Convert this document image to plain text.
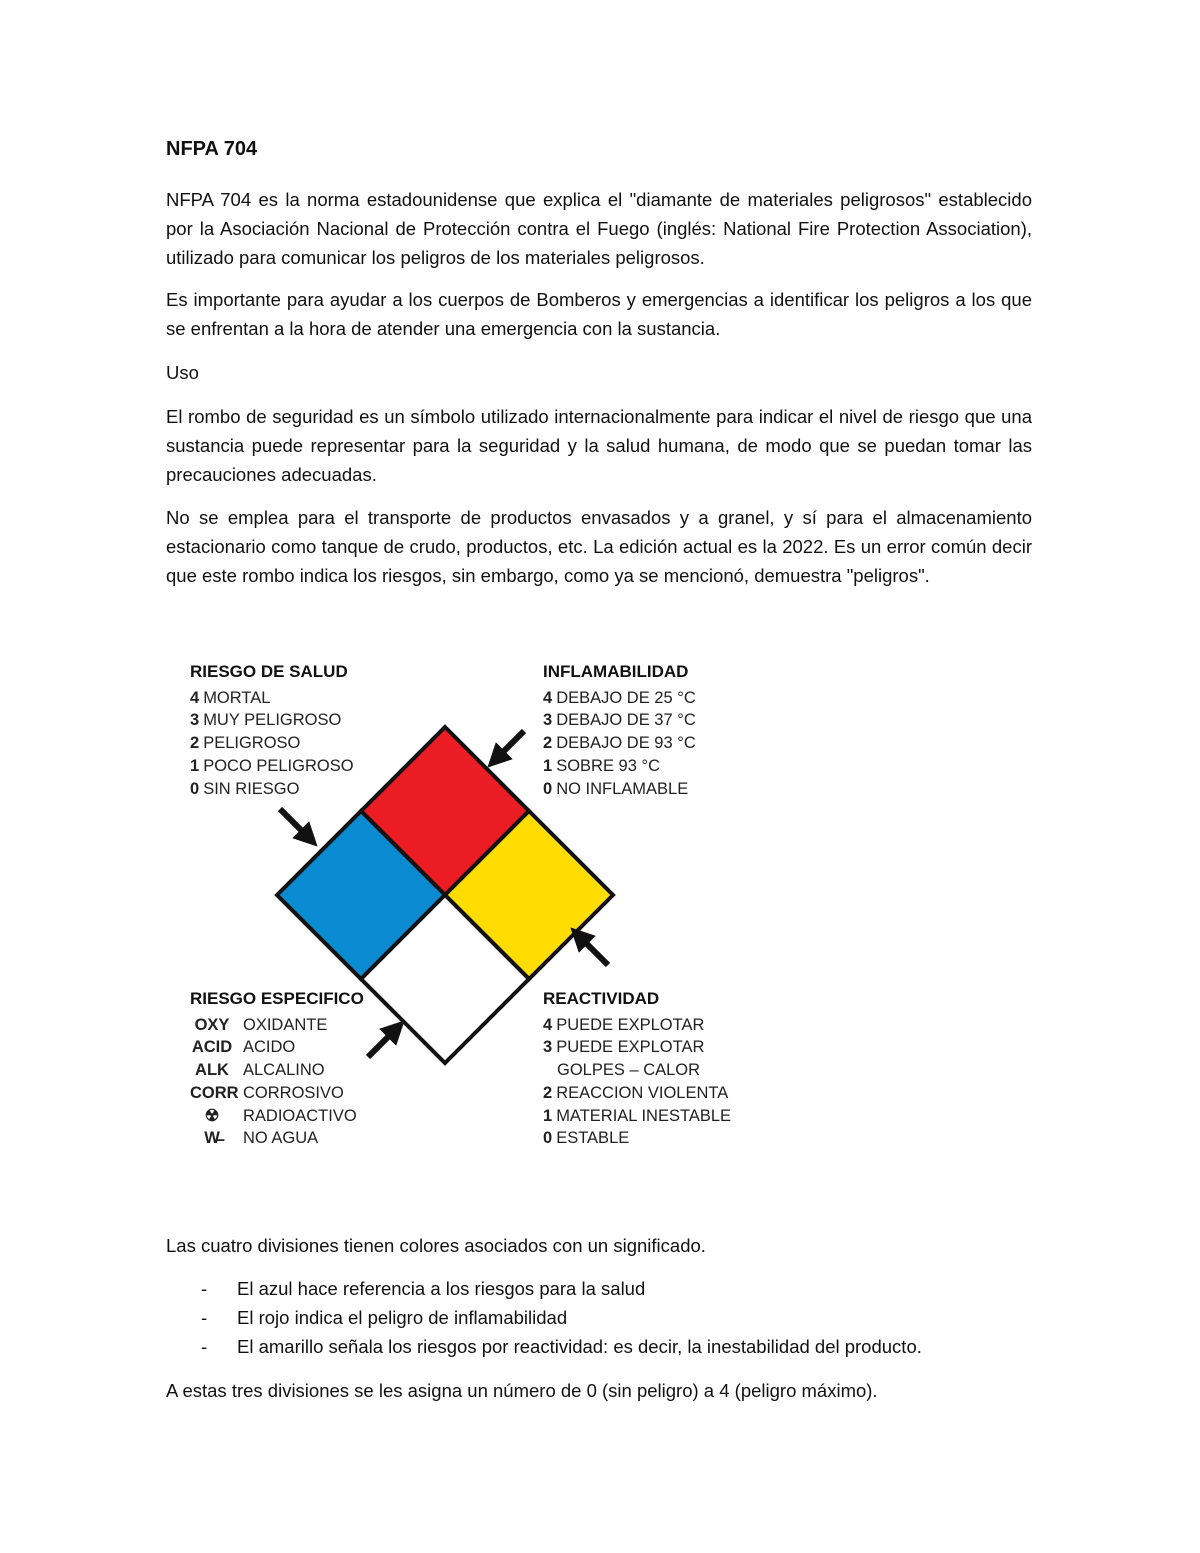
NFPA 704

NFPA 704 es la norma estadounidense que explica el "diamante de materiales peligrosos" establecido por la Asociación Nacional de Protección contra el Fuego (inglés: National Fire Protection Association), utilizado para comunicar los peligros de los materiales peligrosos.

Es importante para ayudar a los cuerpos de Bomberos y emergencias a identificar los peligros a los que se enfrentan a la hora de atender una emergencia con la sustancia.

Uso

El rombo de seguridad es un símbolo utilizado internacionalmente para indicar el nivel de riesgo que una sustancia puede representar para la seguridad y la salud humana, de modo que se puedan tomar las precauciones adecuadas.

No se emplea para el transporte de productos envasados y a granel, y sí para el almacenamiento estacionario como tanque de crudo, productos, etc. La edición actual es la 2022. Es un error común decir que este rombo indica los riesgos, sin embargo, como ya se mencionó, demuestra "peligros".

RIESGO DE SALUD
4 MORTAL
3 MUY PELIGROSO
2 PELIGROSO
1 POCO PELIGROSO
0 SIN RIESGO
INFLAMABILIDAD
4 DEBAJO DE 25 °C
3 DEBAJO DE 37 °C
2 DEBAJO DE 93 °C
1 SOBRE 93 °C
0 NO INFLAMABLE
RIESGO ESPECIFICO
OXY OXIDANTE
ACID ACIDO
ALK ALCALINO
CORR CORROSIVO
☢	RADIOACTIVO
W̶	NO AGUA
REACTIVIDAD
4 PUEDE EXPLOTAR
3 PUEDE EXPLOTAR
GOLPES – CALOR
2 REACCION VIOLENTA
1 MATERIAL INESTABLE
0 ESTABLE
Las cuatro divisiones tienen colores asociados con un significado.
- El azul hace referencia a los riesgos para la salud
- El rojo indica el peligro de inflamabilidad
- El amarillo señala los riesgos por reactividad: es decir, la inestabilidad del producto.
A estas tres divisiones se les asigna un número de 0 (sin peligro) a 4 (peligro máximo).
